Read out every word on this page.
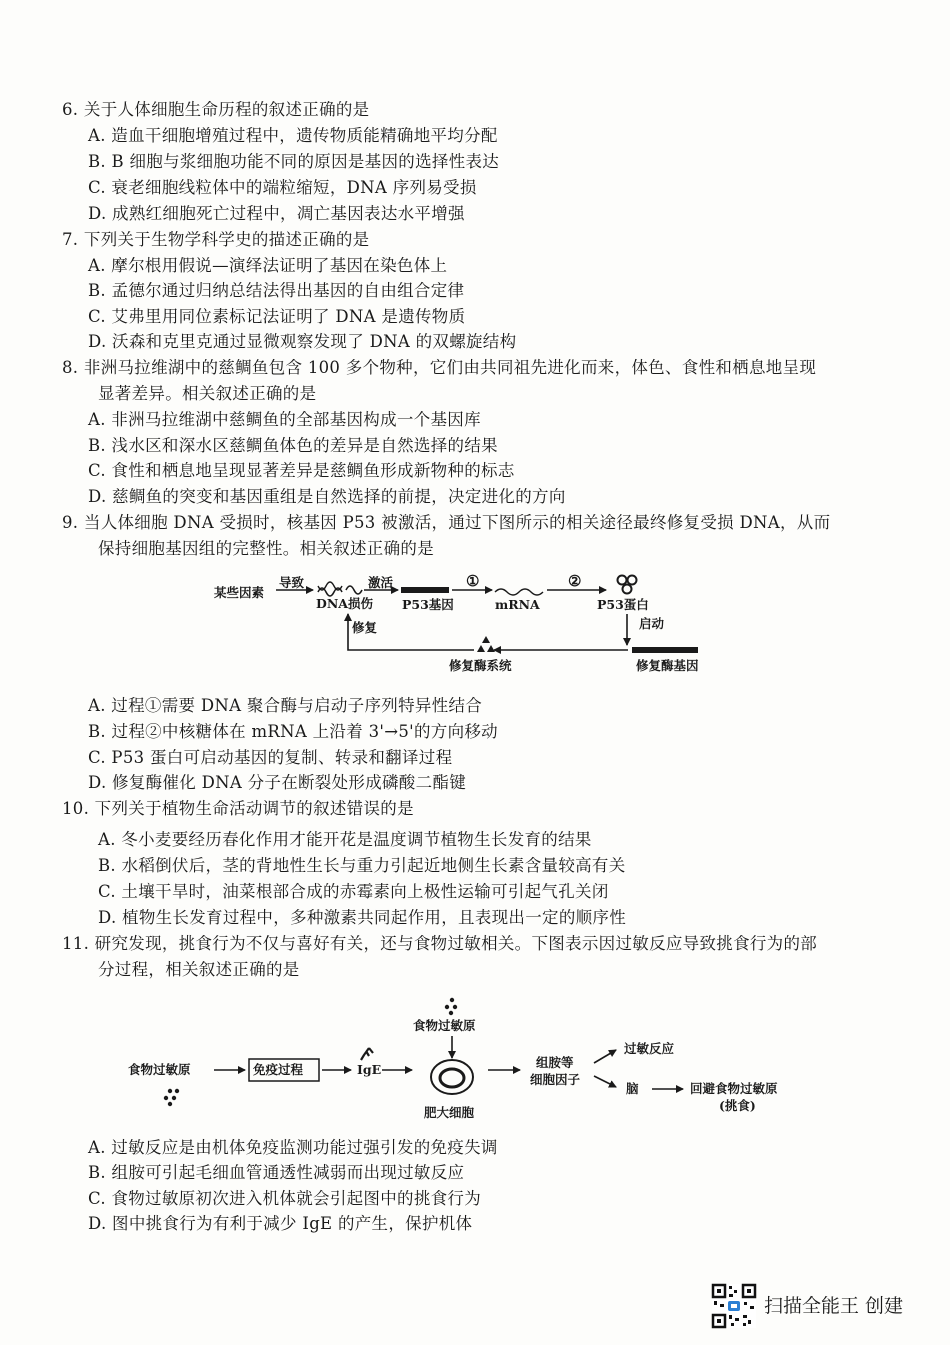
6. 关于人体细胞生命历程的叙述正确的是
A. 造血干细胞增殖过程中，遗传物质能精确地平均分配
B. B 细胞与浆细胞功能不同的原因是基因的选择性表达
C. 衰老细胞线粒体中的端粒缩短，DNA 序列易受损
D. 成熟红细胞死亡过程中，凋亡基因表达水平增强
7. 下列关于生物学科学史的描述正确的是
A. 摩尔根用假说—演绎法证明了基因在染色体上
B. 孟德尔通过归纳总结法得出基因的自由组合定律
C. 艾弗里用同位素标记法证明了 DNA 是遗传物质
D. 沃森和克里克通过显微观察发现了 DNA 的双螺旋结构
8. 非洲马拉维湖中的慈鲷鱼包含 100 多个物种，它们由共同祖先进化而来，体色、食性和栖息地呈现
显著差异。相关叙述正确的是
A. 非洲马拉维湖中慈鲷鱼的全部基因构成一个基因库
B. 浅水区和深水区慈鲷鱼体色的差异是自然选择的结果
C. 食性和栖息地呈现显著差异是慈鲷鱼形成新物种的标志
D. 慈鲷鱼的突变和基因重组是自然选择的前提，决定进化的方向
9. 当人体细胞 DNA 受损时，核基因 P53 被激活，通过下图所示的相关途径最终修复受损 DNA，从而
保持细胞基因组的完整性。相关叙述正确的是
某些因素
导致
DNA损伤
激活
P53基因
①
mRNA
②
P53蛋白
启动
修复
修复酶系统	修复酶基因
A. 过程①需要 DNA 聚合酶与启动子序列特异性结合
B. 过程②中核糖体在 mRNA 上沿着 3'→5'的方向移动
C. P53 蛋白可启动基因的复制、转录和翻译过程
D. 修复酶催化 DNA 分子在断裂处形成磷酸二酯键
10. 下列关于植物生命活动调节的叙述错误的是
A. 冬小麦要经历春化作用才能开花是温度调节植物生长发育的结果
B. 水稻倒伏后，茎的背地性生长与重力引起近地侧生长素含量较高有关
C. 土壤干旱时，油菜根部合成的赤霉素向上极性运输可引起气孔关闭
D. 植物生长发育过程中，多种激素共同起作用，且表现出一定的顺序性
11. 研究发现，挑食行为不仅与喜好有关，还与食物过敏相关。下图表示因过敏反应导致挑食行为的部
分过程，相关叙述正确的是
食物过敏原	免疫过程	IgE
食物过敏原
肥大细胞
组胺等
细胞因子
过敏反应
脑	回避食物过敏原
(挑食)
A. 过敏反应是由机体免疫监测功能过强引发的免疫失调
B. 组胺可引起毛细血管通透性减弱而出现过敏反应
C. 食物过敏原初次进入机体就会引起图中的挑食行为
D. 图中挑食行为有利于减少 IgE 的产生，保护机体
扫描全能王 创建
